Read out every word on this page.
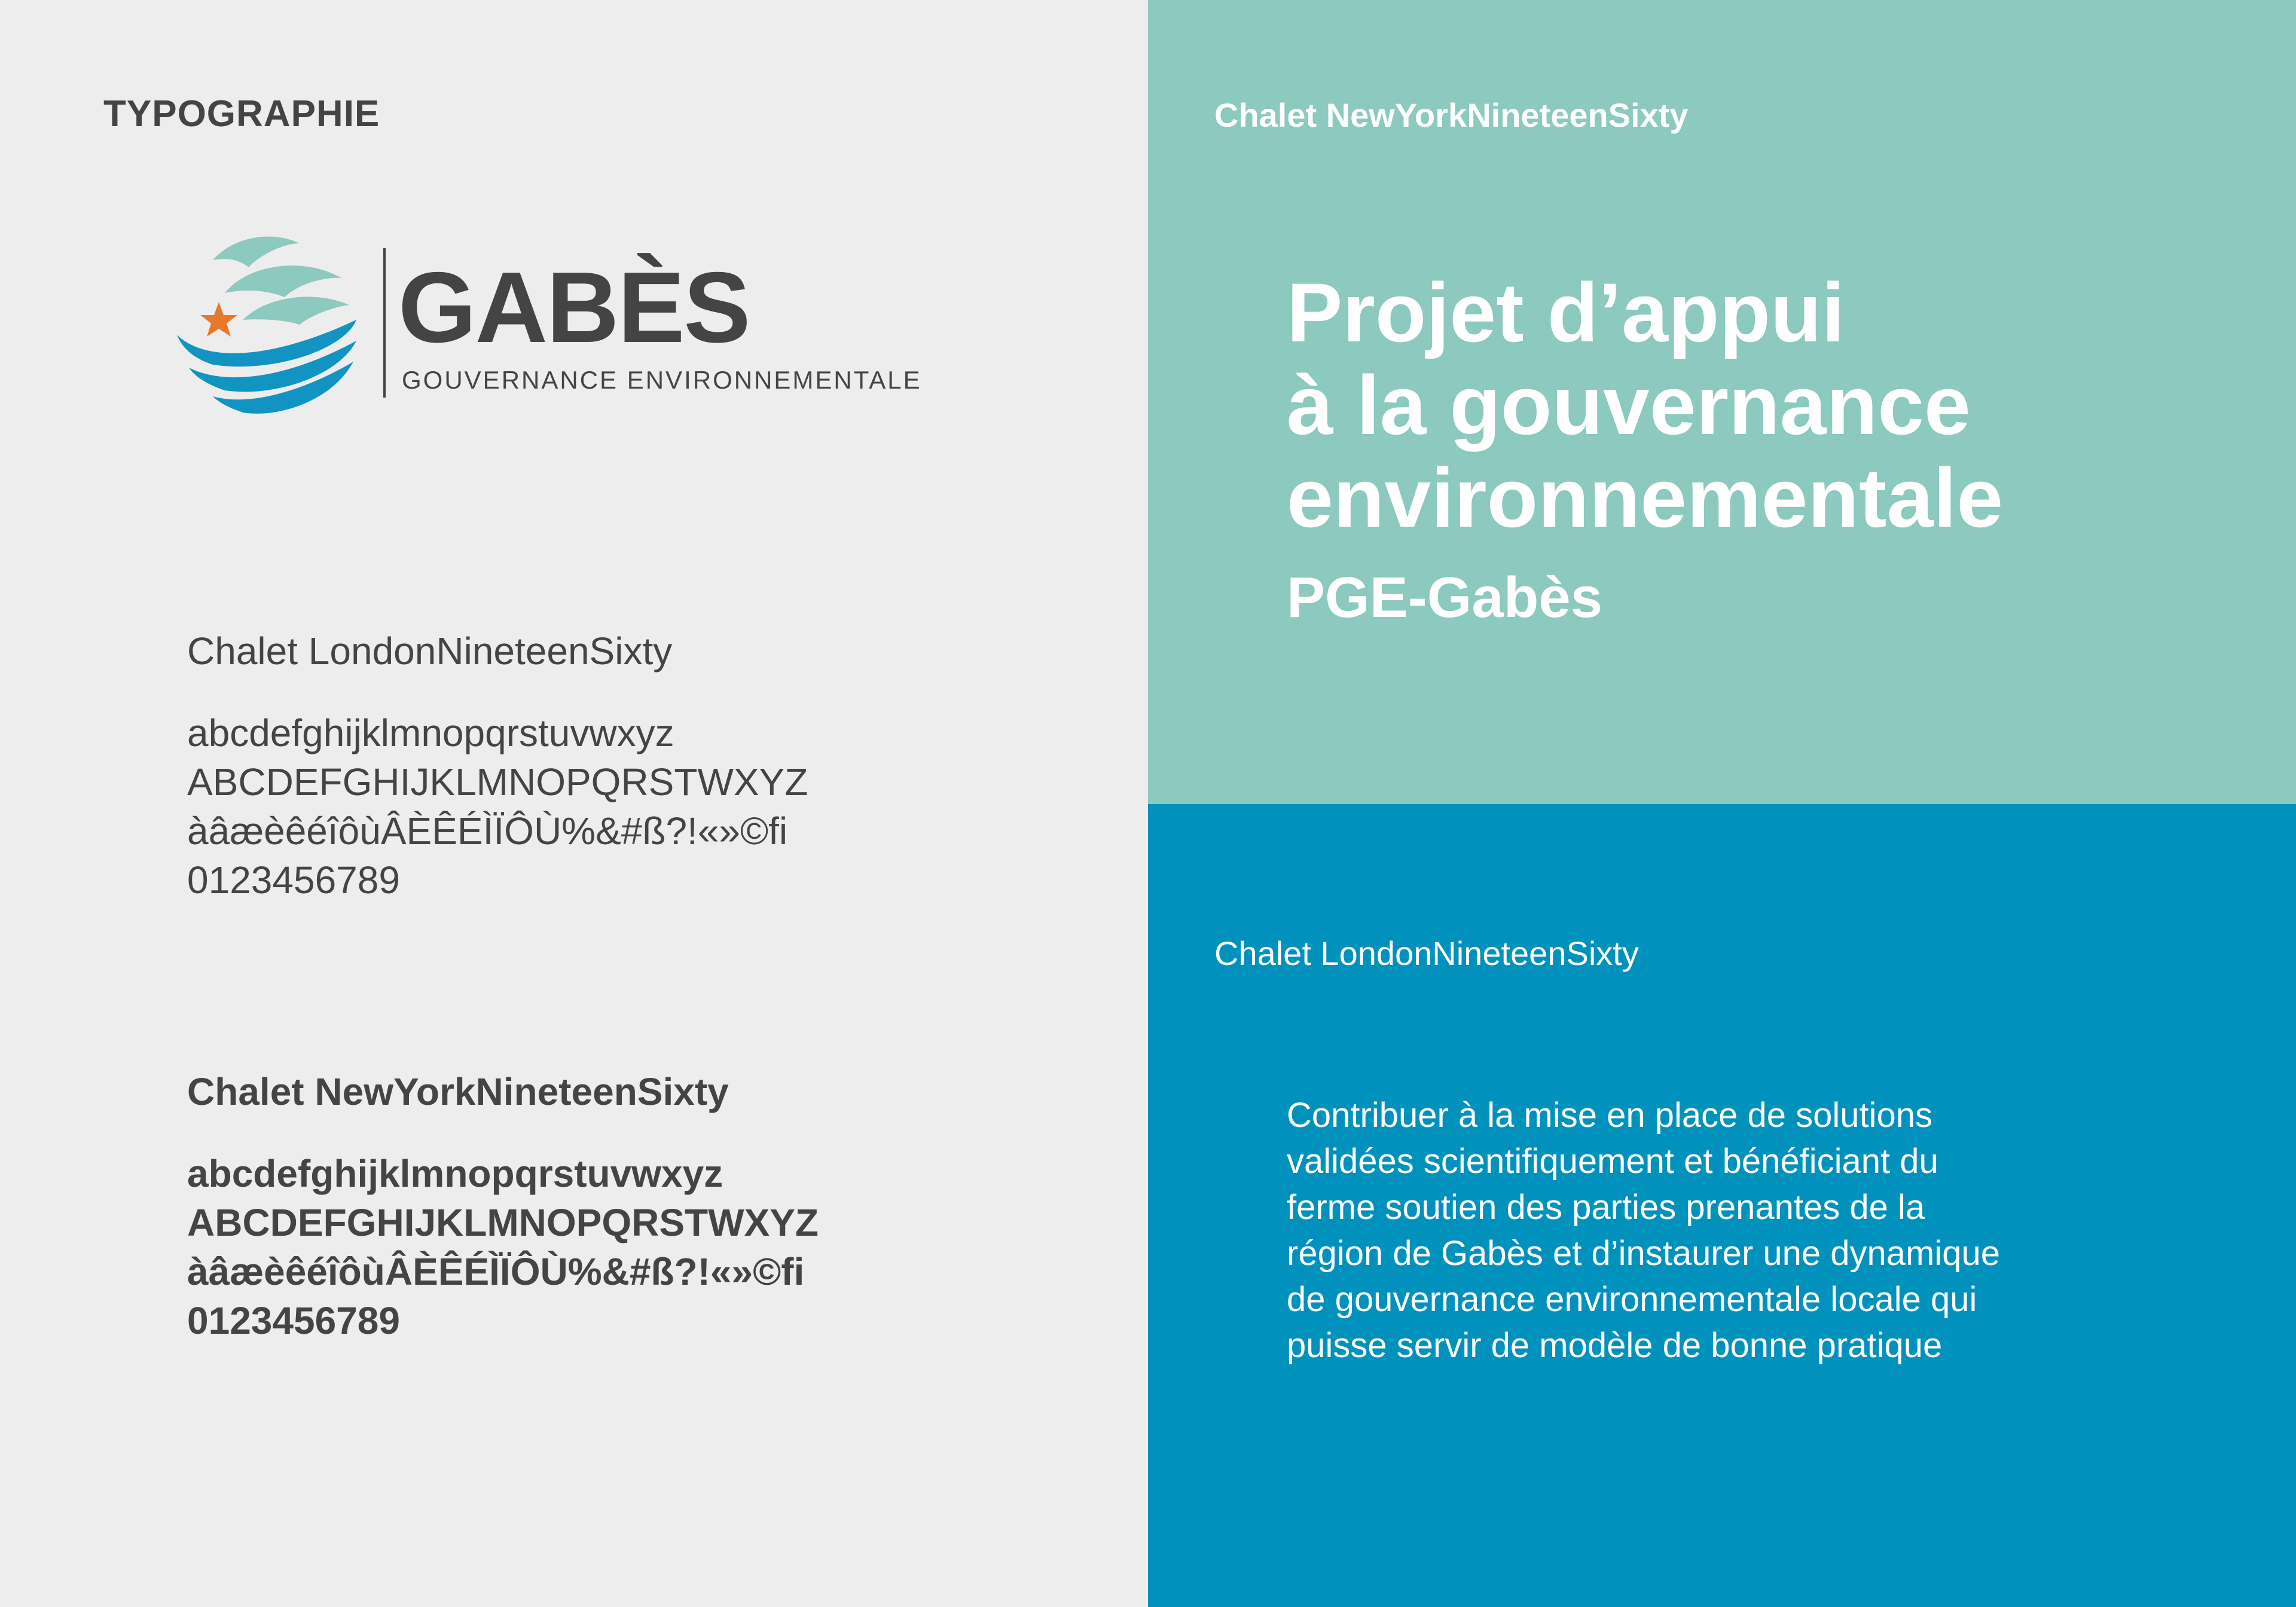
TYPOGRAPHIE
GABÈS
GOUVERNANCE ENVIRONNEMENTALE

Chalet LondonNineteenSixty

abcdefghijklmnopqrstuvwxyz
ABCDEFGHIJKLMNOPQRSTWXYZ
àâæèêéîôùÂÈÊÉÌÏÔÙ%&#ß?!«»©ﬁ
0123456789

Chalet NewYorkNineteenSixty

abcdefghijklmnopqrstuvwxyz
ABCDEFGHIJKLMNOPQRSTWXYZ
àâæèêéîôùÂÈÊÉÌÏÔÙ%&#ß?!«»©ﬁ
0123456789

Chalet NewYorkNineteenSixty

Projet d’appui
à la gouvernance
environnementale
PGE-Gabès

Chalet LondonNineteenSixty

Contribuer à la mise en place de solutions
validées scientifiquement et bénéficiant du
ferme soutien des parties prenantes de la
région de Gabès et d’instaurer une dynamique
de gouvernance environnementale locale qui
puisse servir de modèle de bonne pratique
